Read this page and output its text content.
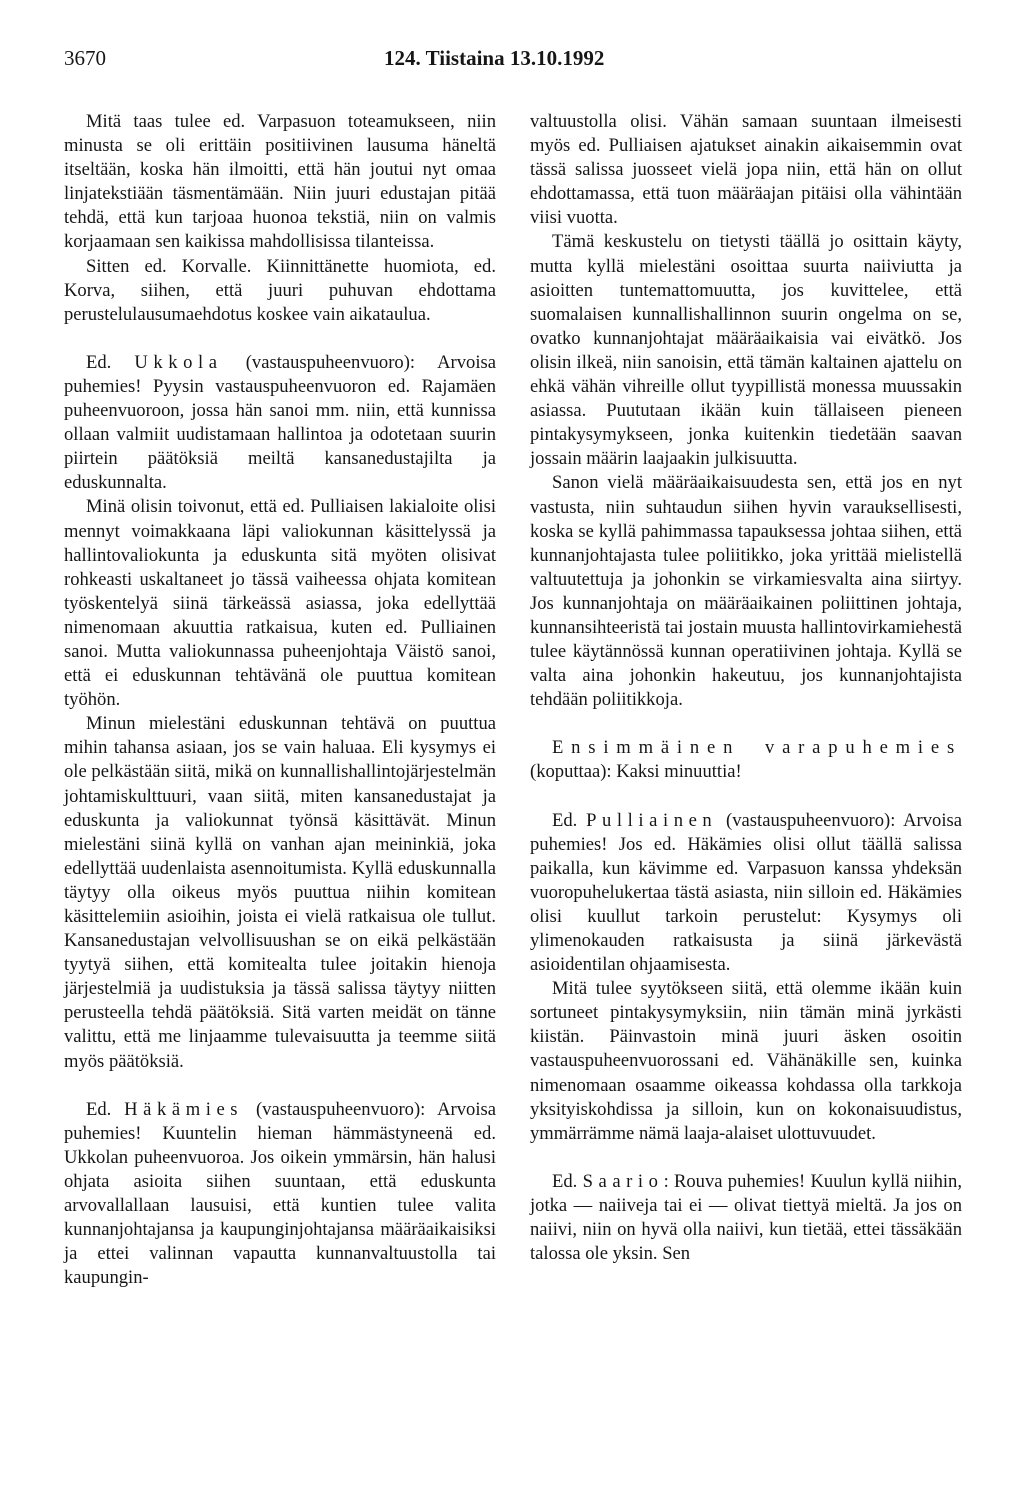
3670	124. Tiistaina 13.10.1992

Mitä taas tulee ed. Varpasuon toteamukseen, niin minusta se oli erittäin positiivinen lausuma häneltä itseltään, koska hän ilmoitti, että hän joutui nyt omaa linjatekstiään täsmentämään. Niin juuri edustajan pitää tehdä, että kun tarjoaa huonoa tekstiä, niin on valmis korjaamaan sen kaikissa mahdollisissa tilanteissa.

Sitten ed. Korvalle. Kiinnittänette huomiota, ed. Korva, siihen, että juuri puhuvan ehdottama perustelulausumaehdotus koskee vain aikataulua.

Ed. Ukkola (vastauspuheenvuoro): Arvoisa puhemies! Pyysin vastauspuheenvuoron ed. Rajamäen puheenvuoroon, jossa hän sanoi mm. niin, että kunnissa ollaan valmiit uudistamaan hallintoa ja odotetaan suurin piirtein päätöksiä meiltä kansanedustajilta ja eduskunnalta.

Minä olisin toivonut, että ed. Pulliaisen lakialoite olisi mennyt voimakkaana läpi valiokunnan käsittelyssä ja hallintovaliokunta ja eduskunta sitä myöten olisivat rohkeasti uskaltaneet jo tässä vaiheessa ohjata komitean työskentelyä siinä tärkeässä asiassa, joka edellyttää nimenomaan akuuttia ratkaisua, kuten ed. Pulliainen sanoi. Mutta valiokunnassa puheenjohtaja Väistö sanoi, että ei eduskunnan tehtävänä ole puuttua komitean työhön.

Minun mielestäni eduskunnan tehtävä on puuttua mihin tahansa asiaan, jos se vain haluaa. Eli kysymys ei ole pelkästään siitä, mikä on kunnallishallintojärjestelmän johtamiskulttuuri, vaan siitä, miten kansanedustajat ja eduskunta ja valiokunnat työnsä käsittävät. Minun mielestäni siinä kyllä on vanhan ajan meininkiä, joka edellyttää uudenlaista asennoitumista. Kyllä eduskunnalla täytyy olla oikeus myös puuttua niihin komitean käsittelemiin asioihin, joista ei vielä ratkaisua ole tullut. Kansanedustajan velvollisuushan se on eikä pelkästään tyytyä siihen, että komitealta tulee joitakin hienoja järjestelmiä ja uudistuksia ja tässä salissa täytyy niitten perusteella tehdä päätöksiä. Sitä varten meidät on tänne valittu, että me linjaamme tulevaisuutta ja teemme siitä myös päätöksiä.

Ed. Häkämies (vastauspuheenvuoro): Arvoisa puhemies! Kuuntelin hieman hämmästyneenä ed. Ukkolan puheenvuoroa. Jos oikein ymmärsin, hän halusi ohjata asioita siihen suuntaan, että eduskunta arvovallallaan lausuisi, että kuntien tulee valita kunnanjohtajansa ja kaupunginjohtajansa määräaikaisiksi ja ettei valinnan vapautta kunnanvaltuustolla tai kaupungin-

valtuustolla olisi. Vähän samaan suuntaan ilmeisesti myös ed. Pulliaisen ajatukset ainakin aikaisemmin ovat tässä salissa juosseet vielä jopa niin, että hän on ollut ehdottamassa, että tuon määräajan pitäisi olla vähintään viisi vuotta.

Tämä keskustelu on tietysti täällä jo osittain käyty, mutta kyllä mielestäni osoittaa suurta naiiviutta ja asioitten tuntemattomuutta, jos kuvittelee, että suomalaisen kunnallishallinnon suurin ongelma on se, ovatko kunnanjohtajat määräaikaisia vai eivätkö. Jos olisin ilkeä, niin sanoisin, että tämän kaltainen ajattelu on ehkä vähän vihreille ollut tyypillistä monessa muussakin asiassa. Puututaan ikään kuin tällaiseen pieneen pintakysymykseen, jonka kuitenkin tiedetään saavan jossain määrin laajaakin julkisuutta.

Sanon vielä määräaikaisuudesta sen, että jos en nyt vastusta, niin suhtaudun siihen hyvin varauksellisesti, koska se kyllä pahimmassa tapauksessa johtaa siihen, että kunnanjohtajasta tulee poliitikko, joka yrittää mielistellä valtuutettuja ja johonkin se virkamiesvalta aina siirtyy. Jos kunnanjohtaja on määräaikainen poliittinen johtaja, kunnansihteeristä tai jostain muusta hallintovirkamiehestä tulee käytännössä kunnan operatiivinen johtaja. Kyllä se valta aina johonkin hakeutuu, jos kunnanjohtajista tehdään poliitikkoja.

Ensimmäinen varapuhemies (koputtaa): Kaksi minuuttia!

Ed. Pulliainen (vastauspuheenvuoro): Arvoisa puhemies! Jos ed. Häkämies olisi ollut täällä salissa paikalla, kun kävimme ed. Varpasuon kanssa yhdeksän vuoropuhelukertaa tästä asiasta, niin silloin ed. Häkämies olisi kuullut tarkoin perustelut: Kysymys oli ylimenokauden ratkaisusta ja siinä järkevästä asioidentilan ohjaamisesta.

Mitä tulee syytökseen siitä, että olemme ikään kuin sortuneet pintakysymyksiin, niin tämän minä jyrkästi kiistän. Päinvastoin minä juuri äsken osoitin vastauspuheenvuorossani ed. Vähänäkille sen, kuinka nimenomaan osaamme oikeassa kohdassa olla tarkkoja yksityiskohdissa ja silloin, kun on kokonaisuudistus, ymmärrämme nämä laaja-alaiset ulottuvuudet.

Ed. Saario: Rouva puhemies! Kuulun kyllä niihin, jotka — naiiveja tai ei — olivat tiettyä mieltä. Ja jos on naiivi, niin on hyvä olla naiivi, kun tietää, ettei tässäkään talossa ole yksin. Sen
